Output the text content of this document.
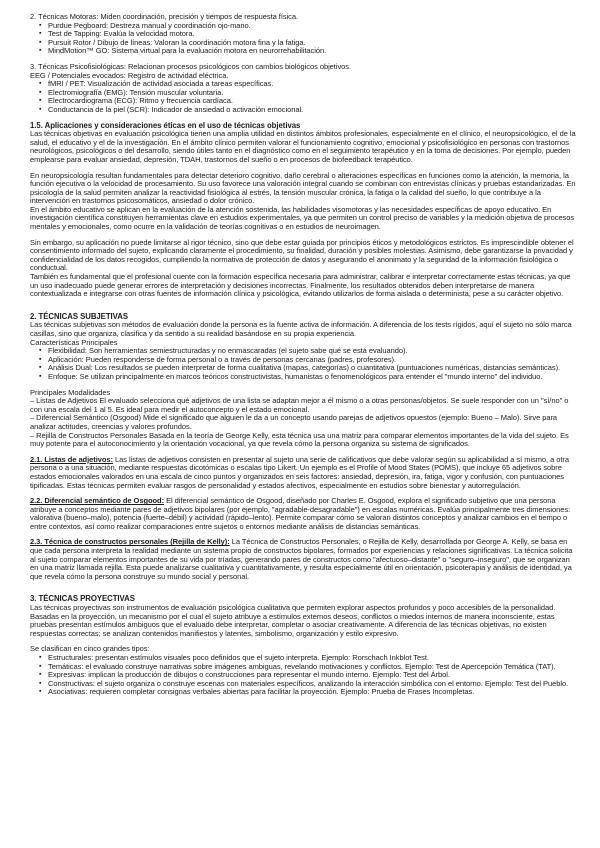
2. Técnicas Motoras: Miden coordinación, precisión y tiempos de respuesta física.

▪ Purdue Pegboard: Destreza manual y coordinación ojo-mano.
▪ Test de Tapping: Evalúa la velocidad motora.
▪ Pursuit Rotor / Dibujo de líneas: Valoran la coordinación motora fina y la fatiga.
▪ MindMotion™ GO: Sistema virtual para la evaluación motora en neurorrehabilitación.

3. Técnicas Psicofisiológicas: Relacionan procesos psicológicos con cambios biológicos objetivos.

EEG / Potenciales evocados: Registro de actividad eléctrica.

▪ fMRI / PET: Visualización de actividad asociada a tareas específicas.
▪ Electromiografía (EMG): Tensión muscular voluntaria.
▪ Electrocardiograma (ECG): Ritmo y frecuencia cardíaca.
▪ Conductancia de la piel (SCR): Indicador de ansiedad o activación emocional.

1.5. Aplicaciones y consideraciones éticas en el uso de técnicas objetivas

Las técnicas objetivas en evaluación psicológica tienen una amplia utilidad en distintos ámbitos profesionales, especialmente en el clínico, el neuropsicológico, el de la salud, el educativo y el de la investigación. En el ámbito clínico permiten valorar el funcionamiento cognitivo, emocional y psicofisiológico en personas con trastornos neurológicos, psicológicos o del desarrollo, siendo útiles tanto en el diagnóstico como en el seguimiento terapéutico y en la toma de decisiones. Por ejemplo, pueden emplearse para evaluar ansiedad, depresión, TDAH, trastornos del sueño o en procesos de biofeedback terapéutico.

En neuropsicología resultan fundamentales para detectar deterioro cognitivo, daño cerebral o alteraciones específicas en funciones como la atención, la memoria, la función ejecutiva o la velocidad de procesamiento. Su uso favorece una valoración integral cuando se combinan con entrevistas clínicas y pruebas estandarizadas. En psicología de la salud permiten analizar la reactividad fisiológica al estrés, la tensión muscular crónica, la fatiga o la calidad del sueño, lo que contribuye a la intervención en trastornos psicosomáticos, ansiedad o dolor crónico.

En el ámbito educativo se aplican en la evaluación de la atención sostenida, las habilidades visomotoras y las necesidades específicas de apoyo educativo. En investigación científica constituyen herramientas clave en estudios experimentales, ya que permiten un control preciso de variables y la medición objetiva de procesos mentales y emocionales, como ocurre en la validación de teorías cognitivas o en estudios de neuroimagen.

Sin embargo, su aplicación no puede limitarse al rigor técnico, sino que debe estar guiada por principios éticos y metodológicos estrictos. Es imprescindible obtener el consentimiento informado del sujeto, explicando claramente el procedimiento, su finalidad, duración y posibles molestias. Asimismo, debe garantizarse la privacidad y confidencialidad de los datos recogidos, cumpliendo la normativa de protección de datos y asegurando el anonimato y la seguridad de la información fisiológica o conductual.

También es fundamental que el profesional cuente con la formación específica necesaria para administrar, calibrar e interpretar correctamente estas técnicas, ya que un uso inadecuado puede generar errores de interpretación y decisiones incorrectas. Finalmente, los resultados obtenidos deben interpretarse de manera contextualizada e integrarse con otras fuentes de información clínica y psicológica, evitando utilizarlos de forma aislada o determinista, pese a su carácter objetivo.

2. TÉCNICAS SUBJETIVAS

Las técnicas subjetivas son métodos de evaluación donde la persona es la fuente activa de información. A diferencia de los tests rígidos, aquí el sujeto no sólo marca casillas, sino que organiza, clasifica y da sentido a su realidad basándose en su propia experiencia.

Características Principales

▪ Flexibilidad: Son herramientas semiestructuradas y no enmascaradas (el sujeto sabe qué se está evaluando).
▪ Aplicación: Pueden responderse de forma personal o a través de personas cercanas (padres, profesores).
▪ Análisis Dual: Los resultados se pueden interpretar de forma cualitativa (mapas, categorías) o cuantitativa (puntuaciones numéricas, distancias semánticas).
▪ Enfoque: Se utilizan principalmente en marcos teóricos constructivistas, humanistas o fenomenológicos para entender el "mundo interno" del individuo.

Principales Modalidades

– Listas de Adjetivos El evaluado selecciona qué adjetivos de una lista se adaptan mejor a él mismo o a otras personas/objetos. Se suele responder con un "sí/no" o con una escala del 1 al 5. Es ideal para medir el autoconcepto y el estado emocional.

– Diferencial Semántico (Osgood) Mide el significado que alguien le da a un concepto usando parejas de adjetivos opuestos (ejemplo: Bueno – Malo). Sirve para analizar actitudes, creencias y valores profundos.

– Rejilla de Constructos Personales Basada en la teoría de George Kelly, esta técnica usa una matriz para comparar elementos importantes de la vida del sujeto. Es muy potente para el autoconocimiento y la orientación vocacional, ya que revela cómo la persona organiza su sistema de significados.

2.1. Listas de adjetivos: Las listas de adjetivos consisten en presentar al sujeto una serie de calificativos que debe valorar según su aplicabilidad a sí mismo, a otra persona o a una situación, mediante respuestas dicotómicas o escalas tipo Likert. Un ejemplo es el Profile of Mood States (POMS), que incluye 65 adjetivos sobre estados emocionales valorados en una escala de cinco puntos y organizados en seis factores: ansiedad, depresión, ira, fatiga, vigor y confusión, con puntuaciones tipificadas. Estas técnicas permiten evaluar rasgos de personalidad y estados afectivos, especialmente en estudios sobre bienestar y autorregulación.

2.2. Diferencial semántico de Osgood: El diferencial semántico de Osgood, diseñado por Charles E. Osgood, explora el significado subjetivo que una persona atribuye a conceptos mediante pares de adjetivos bipolares (por ejemplo, "agradable-desagradable") en escalas numéricas. Evalúa principalmente tres dimensiones: valorativa (bueno–malo), potencia (fuerte–débil) y actividad (rápido–lento). Permite comparar cómo se valoran distintos conceptos y analizar cambios en el tiempo o entre contextos, así como realizar comparaciones entre sujetos o entornos mediante análisis de distancias semánticas.

2.3. Técnica de constructos personales (Rejilla de Kelly): La Técnica de Constructos Personales, o Rejilla de Kelly, desarrollada por George A. Kelly, se basa en que cada persona interpreta la realidad mediante un sistema propio de constructos bipolares, formados por experiencias y relaciones significativas. La técnica solicita al sujeto comparar elementos importantes de su vida por tríadas, generando pares de constructos como "afectuoso–distante" o "seguro–inseguro", que se organizan en una matriz llamada rejilla. Esta puede analizarse cualitativa y cuantitativamente, y resulta especialmente útil en orientación, psicoterapia y análisis de identidad, ya que revela cómo la persona construye su mundo social y personal.

3. TÉCNICAS PROYECTIVAS

Las técnicas proyectivas son instrumentos de evaluación psicológica cualitativa que permiten explorar aspectos profundos y poco accesibles de la personalidad. Basadas en la proyección, un mecanismo por el cual el sujeto atribuye a estímulos externos deseos, conflictos o miedos internos de manera inconsciente, estas pruebas presentan estímulos ambiguos que el evaluado debe interpretar, completar o asociar creativamente. A diferencia de las técnicas objetivas, no existen respuestas correctas; se analizan contenidos manifiestos y latentes, simbolismo, organización y estilo expresivo.

Se clasifican en cinco grandes tipos:

▪ Estructurales: presentan estímulos visuales poco definidos que el sujeto interpreta. Ejemplo: Rorschach Inkblot Test.
▪ Temáticas: el evaluado construye narrativas sobre imágenes ambiguas, revelando motivaciones y conflictos. Ejemplo: Test de Apercepción Temática (TAT).
▪ Expresivas: implican la producción de dibujos o construcciones para representar el mundo interno. Ejemplo: Test del Árbol.
▪ Constructivas: el sujeto organiza o construye escenas con materiales específicos, analizando la interacción simbólica con el entorno. Ejemplo: Test del Pueblo.
▪ Asociativas: requieren completar consignas verbales abiertas para facilitar la proyección. Ejemplo: Prueba de Frases Incompletas.
